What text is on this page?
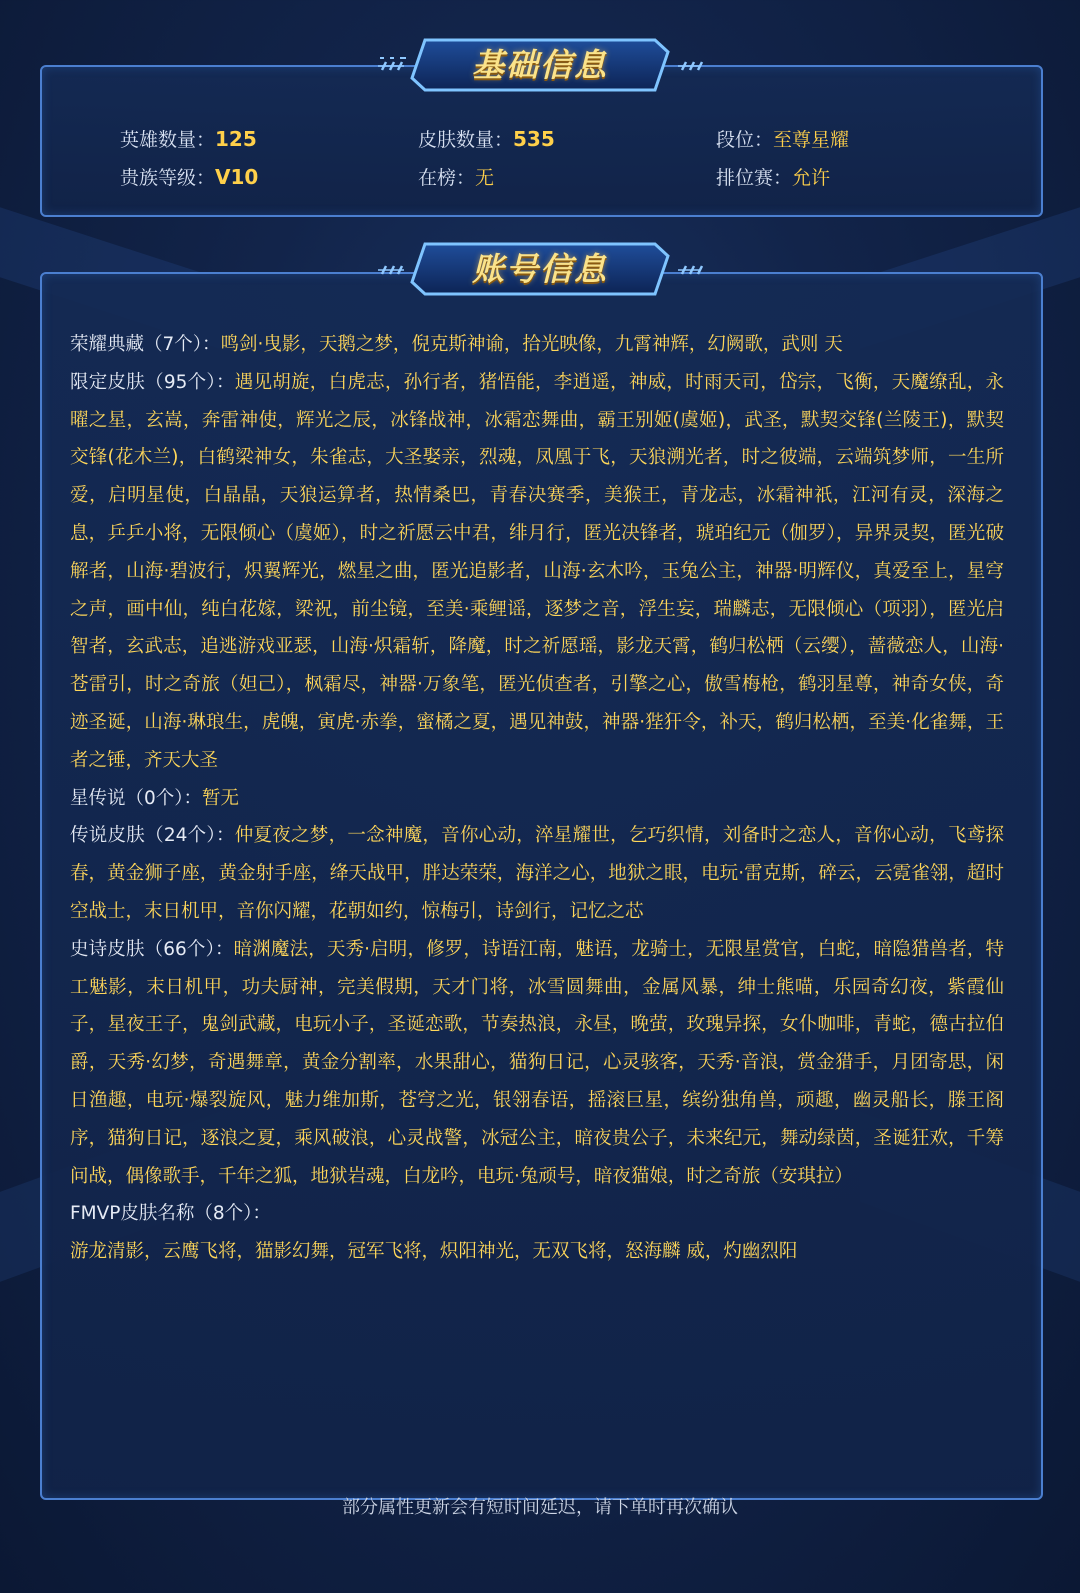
英雄数量：125	皮肤数量：535	段位：至尊星耀
贵族等级：V10	在榜：无	排位赛：允许
基础信息
荣耀典藏（7个）：鸣剑·曳影，天鹅之梦，倪克斯神谕，拾光映像，九霄神辉，幻阙歌，武则 天
限定皮肤（95个）：遇见胡旋，白虎志，孙行者，猪悟能，李逍遥，神威，时雨天司，岱宗，飞衡，天魔缭乱，永曜之星，玄嵩，奔雷神使，辉光之辰，冰锋战神，冰霜恋舞曲，霸王别姬(虞姬)，武圣，默契交锋(兰陵王)，默契交锋(花木兰)，白鹤梁神女，朱雀志，大圣娶亲，烈魂，凤凰于飞，天狼溯光者，时之彼端，云端筑梦师，一生所爱，启明星使，白晶晶，天狼运算者，热情桑巴，青春决赛季，美猴王，青龙志，冰霜神祇，江河有灵，深海之息，乒乒小将，无限倾心（虞姬），时之祈愿云中君，绯月行，匿光决锋者，琥珀纪元（伽罗），异界灵契，匿光破解者，山海·碧波行，炽翼辉光，燃星之曲，匿光追影者，山海·玄木吟，玉兔公主，神器·明辉仪，真爱至上，星穹之声，画中仙，纯白花嫁，梁祝，前尘镜，至美·乘鲤谣，逐梦之音，浮生妄，瑞麟志，无限倾心（项羽），匿光启智者，玄武志，追逃游戏亚瑟，山海·炽霜斩，降魔，时之祈愿瑶，影龙天霄，鹤归松栖（云缨），蔷薇恋人，山海·苍雷引，时之奇旅（妲己），枫霜尽，神器·万象笔，匿光侦查者，引擎之心，傲雪梅枪，鹤羽星尊，神奇女侠，奇迹圣诞，山海·琳琅生，虎魄，寅虎·赤拳，蜜橘之夏，遇见神鼓，神器·狴犴令，补天，鹤归松栖，至美·化雀舞，王者之锤，齐天大圣
星传说（0个）：暂无
传说皮肤（24个）：仲夏夜之梦，一念神魔，音你心动，淬星耀世，乞巧织情，刘备时之恋人，音你心动，飞鸢探春，黄金狮子座，黄金射手座，绛天战甲，胖达荣荣，海洋之心，地狱之眼，电玩·雷克斯，碎云，云霓雀翎，超时空战士，末日机甲，音你闪耀，花朝如约，惊梅引，诗剑行，记忆之芯
史诗皮肤（66个）：暗渊魔法，天秀·启明，修罗，诗语江南，魅语，龙骑士，无限星赏官，白蛇，暗隐猎兽者，特工魅影，末日机甲，功夫厨神，完美假期，天才门将，冰雪圆舞曲，金属风暴，绅士熊喵，乐园奇幻夜，紫霞仙子，星夜王子，鬼剑武藏，电玩小子，圣诞恋歌，节奏热浪，永昼，晚萤，玫瑰异探，女仆咖啡，青蛇，德古拉伯爵，天秀·幻梦，奇遇舞章，黄金分割率，水果甜心，猫狗日记，心灵骇客，天秀·音浪，赏金猎手，月团寄思，闲日渔趣，电玩·爆裂旋风，魅力维加斯，苍穹之光，银翎春语，摇滚巨星，缤纷独角兽，顽趣，幽灵船长，滕王阁序，猫狗日记，逐浪之夏，乘风破浪，心灵战警，冰冠公主，暗夜贵公子，未来纪元，舞动绿茵，圣诞狂欢，千筹问战，偶像歌手，千年之狐，地狱岩魂，白龙吟，电玩·兔顽号，暗夜猫娘，时之奇旅（安琪拉）
FMVP皮肤名称（8个）：
游龙清影，云鹰飞将，猫影幻舞，冠军飞将，炽阳神光，无双飞将，怒海麟 威，灼幽烈阳
账号信息
部分属性更新会有短时间延迟，请下单时再次确认
